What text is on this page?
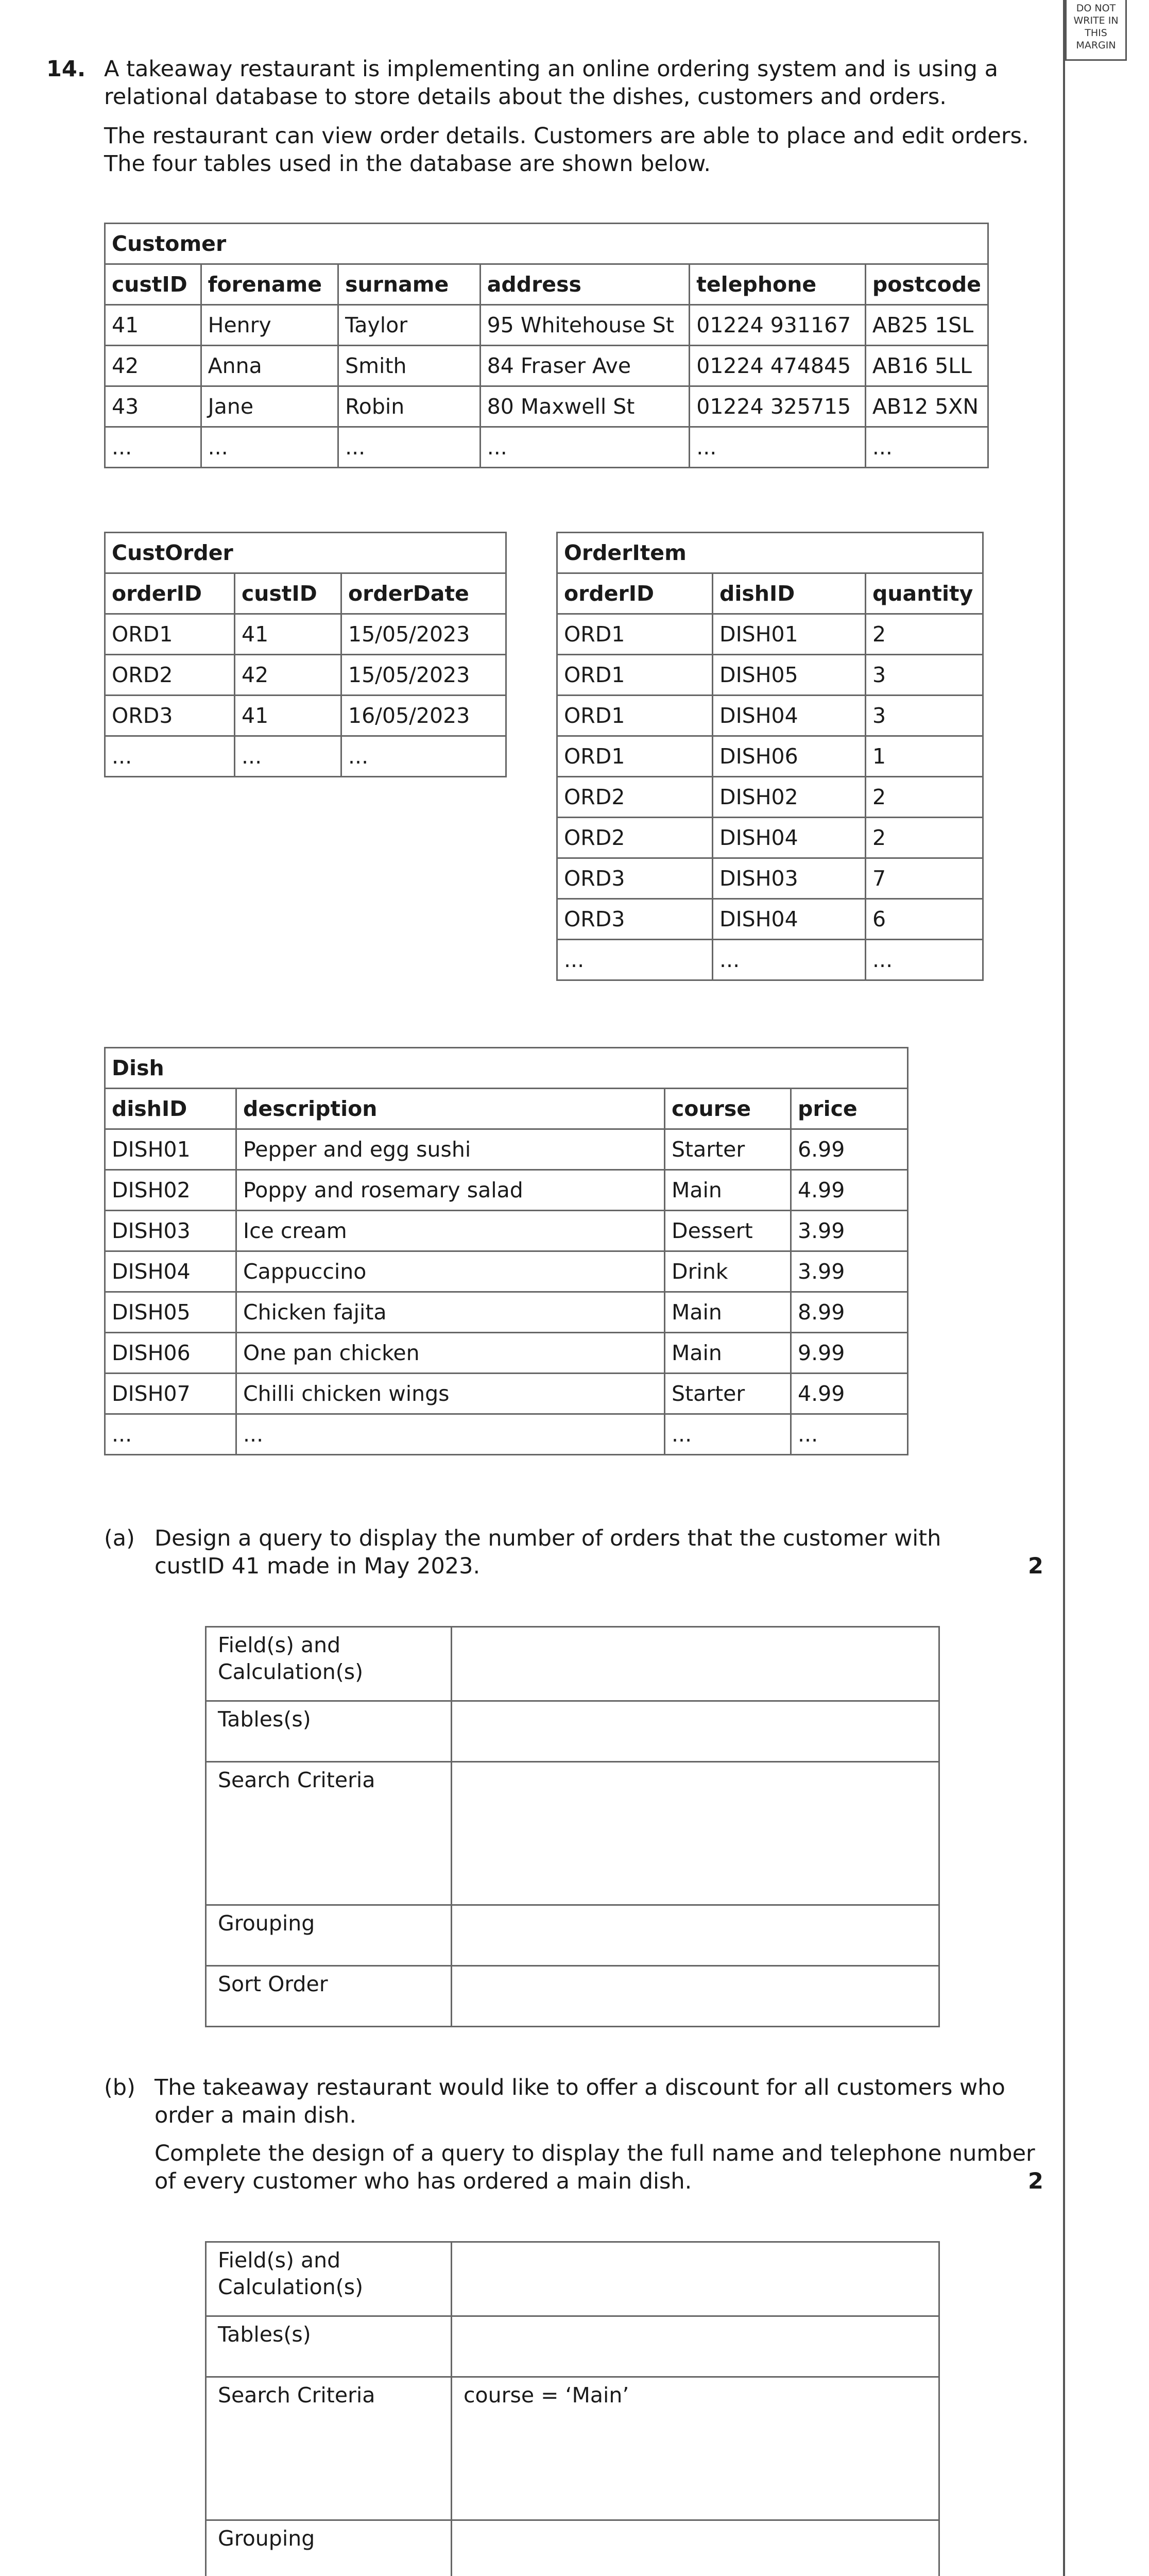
DO NOT
WRITE IN
THIS
MARGIN
14. A takeaway restaurant is implementing an online ordering system and is using a
relational database to store details about the dishes, customers and orders.
The restaurant can view order details. Customers are able to place and edit orders.
The four tables used in the database are shown below.
Customer					
custID	forename	surname	address	telephone	postcode
41	Henry	Taylor	95 Whitehouse St	01224 931167	AB25 1SL
42	Anna	Smith	84 Fraser Ave	01224 474845	AB16 5LL
43	Jane	Robin	80 Maxwell St	01224 325715	AB12 5XN
...	...	...	...	...	...
CustOrder		
orderID	custID	orderDate
ORD1	41	15/05/2023
ORD2	42	15/05/2023
ORD3	41	16/05/2023
...	...	...
OrderItem		
orderID	dishID	quantity
ORD1	DISH01	2
ORD1	DISH05	3
ORD1	DISH04	3
ORD1	DISH06	1
ORD2	DISH02	2
ORD2	DISH04	2
ORD3	DISH03	7
ORD3	DISH04	6
...	...	...
Dish			
dishID	description	course	price
DISH01	Pepper and egg sushi	Starter	6.99
DISH02	Poppy and rosemary salad	Main	4.99
DISH03	Ice cream	Dessert	3.99
DISH04	Cappuccino	Drink	3.99
DISH05	Chicken fajita	Main	8.99
DISH06	One pan chicken	Main	9.99
DISH07	Chilli chicken wings	Starter	4.99
...	...	...	...
(a) Design a query to display the number of orders that the customer with
custID 41 made in May 2023.	2
Field(s) and Calculation(s)	
Tables(s)	
Search Criteria	
Grouping	
Sort Order	
(b) The takeaway restaurant would like to offer a discount for all customers who
order a main dish.
Complete the design of a query to display the full name and telephone number
of every customer who has ordered a main dish.	2
Field(s) and Calculation(s)	
Tables(s)	
Search Criteria	course = ‘Main’
Grouping	
